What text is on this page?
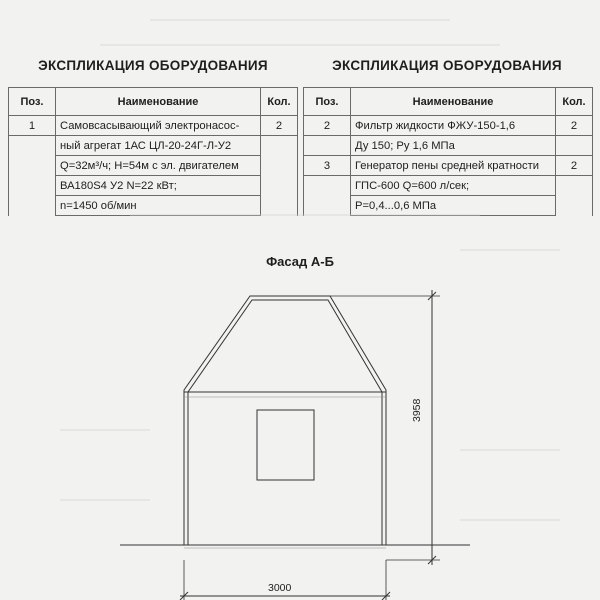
ЭКСПЛИКАЦИЯ ОБОРУДОВАНИЯ	ЭКСПЛИКАЦИЯ ОБОРУДОВАНИЯ
Поз.	Наименование	Кол.
1	Самовсасывающий электронасос-	2
	ный агрегат 1АС ЦЛ-20-24Г-Л-У2	
	Q=32м³/ч; Н=54м с эл. двигателем	
	ВА180S4 У2 N=22 кВт;	
	n=1450 об/мин	
Поз.	Наименование	Кол.
2	Фильтр жидкости ФЖУ-150-1,6	2
	Ду 150; Ру 1,6 МПа	
3	Генератор пены средней кратности	2
	ГПС-600 Q=600 л/сек;	
	Р=0,4...0,6 МПа	
Фасад А-Б
3000
3958
